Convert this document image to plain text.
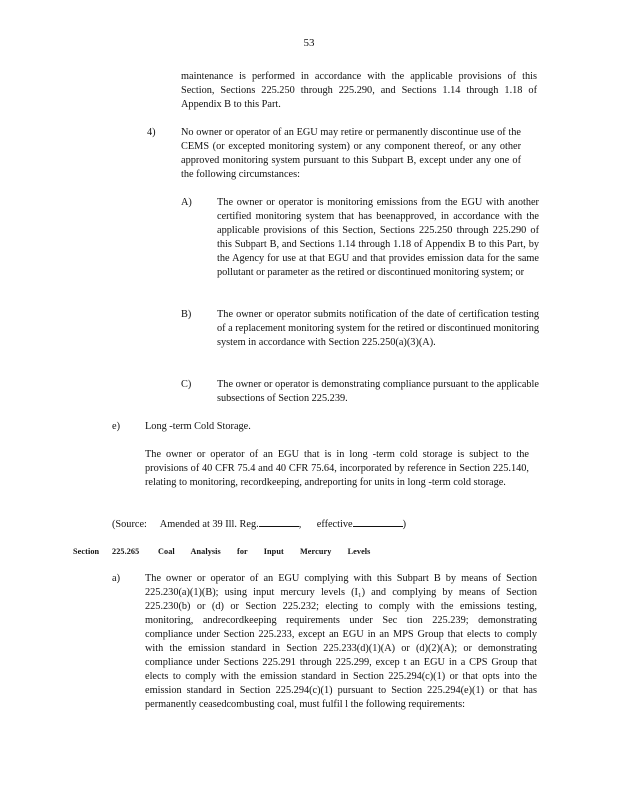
53
maintenance is performed in accordance with the applicable provisions of this Section, Sections 225.250 through 225.290, and Sections 1.14 through 1.18 of Appendix B to this Part.
4) No owner or operator of an EGU may retire or permanently discontinue use of the CEMS (or excepted monitoring system) or any component thereof, or any other approved monitoring system pursuant to this Subpart B, except under any one of the following circumstances:
A) The owner or operator is monitoring emissions from the EGU with another certified monitoring system that has beenapproved, in accordance with the applicable provisions of this Section, Sections 225.250 through 225.290 of this Subpart B, and Sections 1.14 through 1.18 of Appendix B to this Part, by the Agency for use at that EGU and that provides emission data for the same pollutant or parameter as the retired or discontinued monitoring system; or
B) The owner or operator submits notification of the date of certification testing of a replacement monitoring system for the retired or discontinued monitoring system in accordance with Section 225.250(a)(3)(A).
C) The owner or operator is demonstrating compliance pursuant to the applicable subsections of Section 225.239.
e) Long -term Cold Storage.
The owner or operator of an EGU that is in long -term cold storage is subject to the provisions of 40 CFR 75.4 and 40 CFR 75.64, incorporated by reference in Section 225.140, relating to monitoring, recordkeeping, andreporting for units in long -term cold storage.
(Source: Amended at 39 Ill. Reg.	, effective	)
Section 225.265 Coal Analysis for Input Mercury Levels
a) The owner or operator of an EGU complying with this Subpart B by means of Section 225.230(a)(1)(B); using input mercury levels (I₁) and complying by means of Section 225.230(b) or (d) or Section 225.232; electing to comply with the emissions testing, monitoring, andrecordkeeping requirements under Sec tion 225.239; demonstrating compliance under Section 225.233, except an EGU in an MPS Group that elects to comply with the emission standard in Section 225.233(d)(1)(A) or (d)(2)(A); or demonstrating compliance under Sections 225.291 through 225.299, excep t an EGU in a CPS Group that elects to comply with the emission standard in Section 225.294(c)(1) or that opts into the emission standard in Section 225.294(c)(1) pursuant to Section 225.294(e)(1) or that has permanently ceasedcombusting coal, must fulfil l the following requirements:
